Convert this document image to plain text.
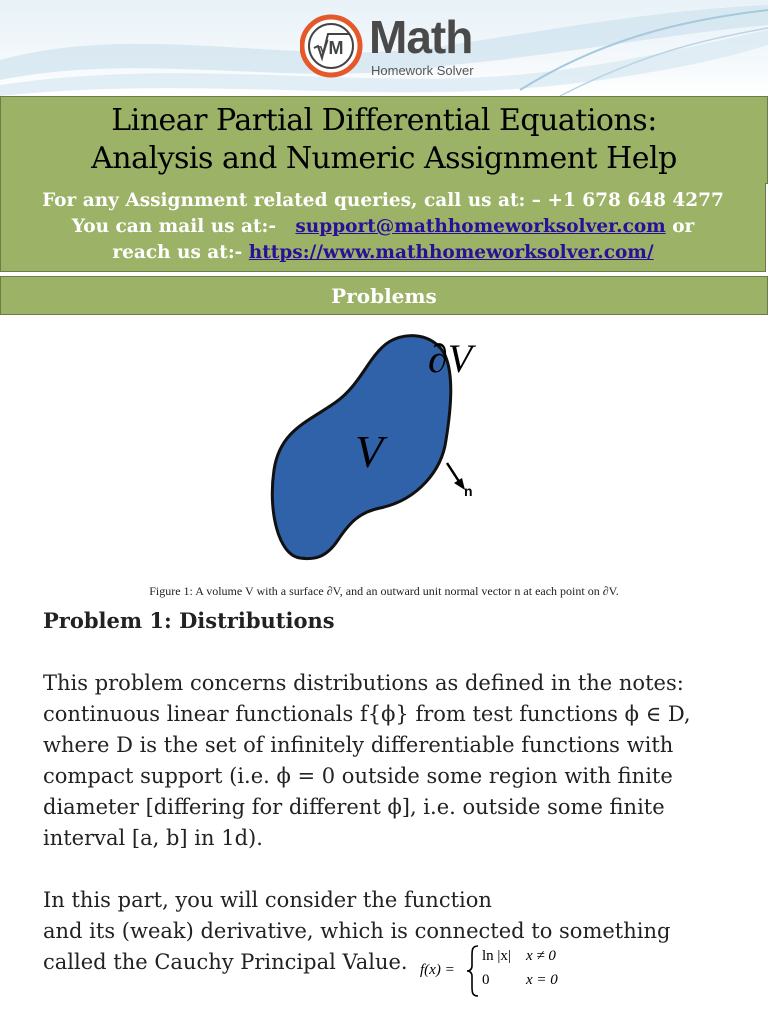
√M Math
Homework Solver
Linear Partial Differential Equations:
Analysis and Numeric Assignment Help
For any Assignment related queries, call us at: – +1 678 648 4277
You can mail us at:-   support@mathhomeworksolver.com or
reach us at:- https://www.mathhomeworksolver.com/
Problems
V
∂V
n
Figure 1: A volume V with a surface ∂V, and an outward unit normal vector n at each point on ∂V.
Problem 1: Distributions
This problem concerns distributions as defined in the notes:
continuous linear functionals f{ϕ} from test functions ϕ ∈ D,
where D is the set of infinitely differentiable functions with
compact support (i.e. ϕ = 0 outside some region with finite
diameter [differing for different ϕ], i.e. outside some finite
interval [a, b] in 1d).
In this part, you will consider the function
and its (weak) derivative, which is connected to something
called the Cauchy Principal Value. f(x) =
ln |x| x ≠ 0
0 x = 0
